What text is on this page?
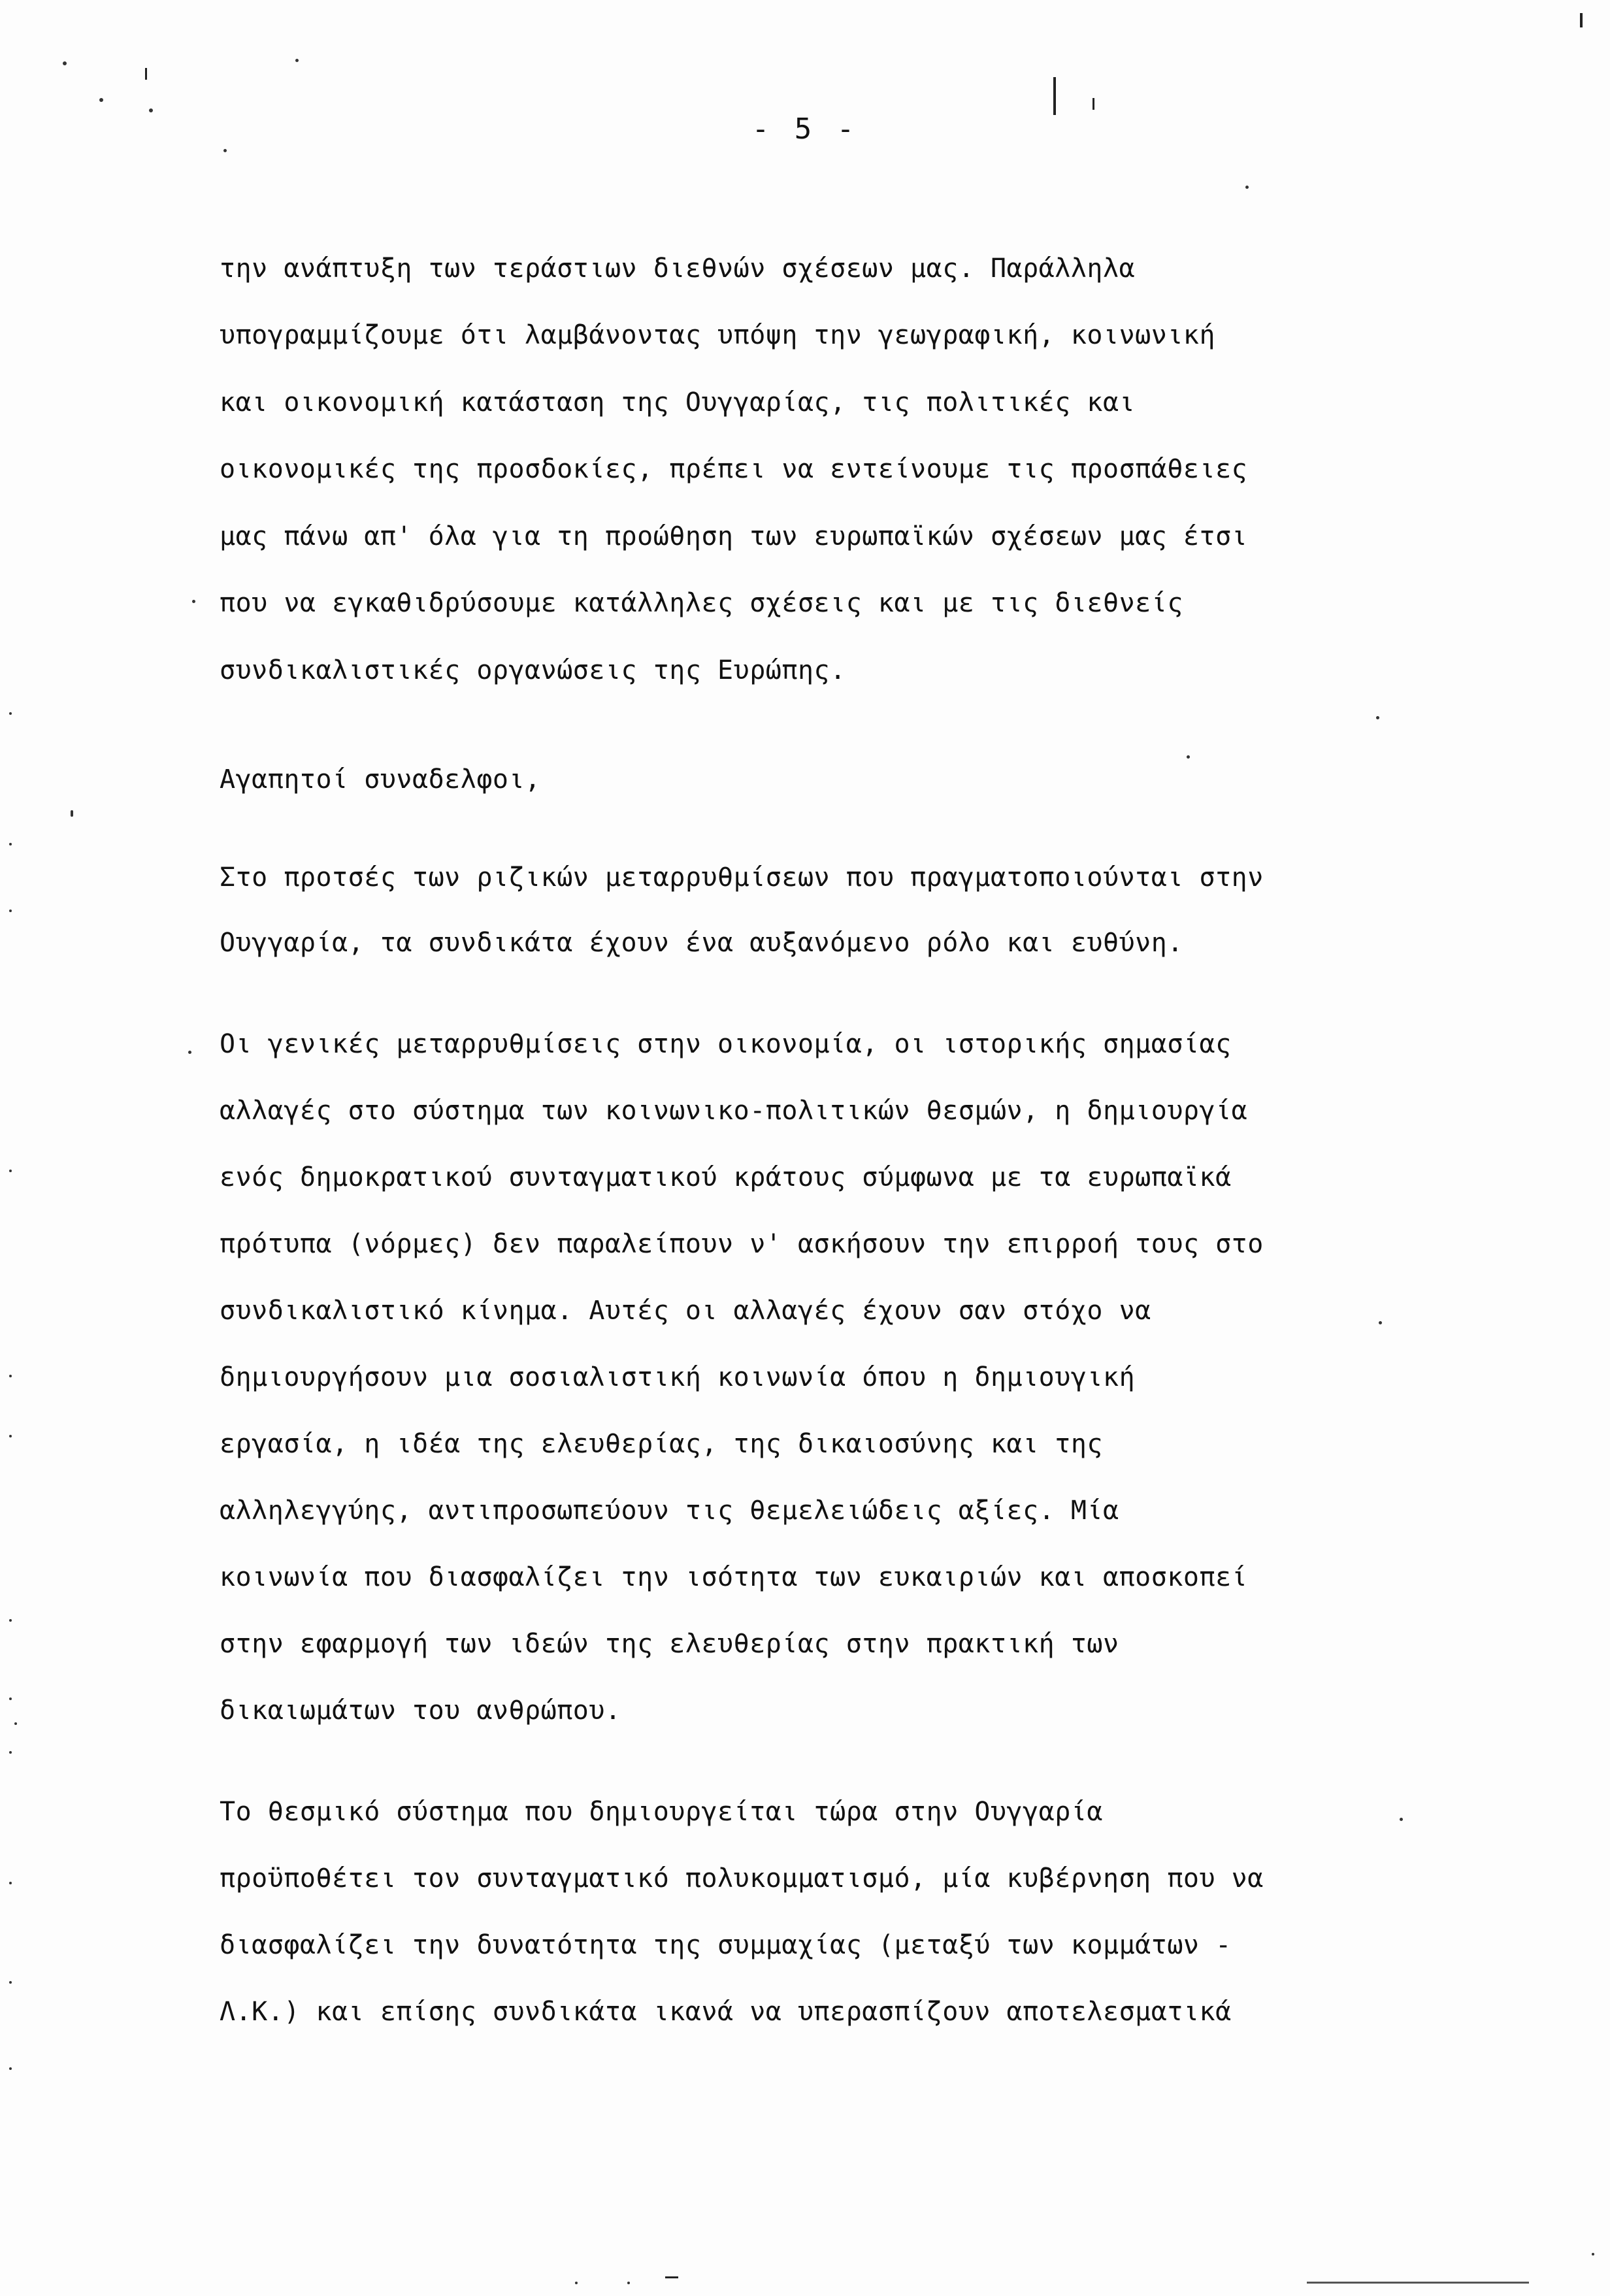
- 5 -
την ανάπτυξη των τεράστιων διεθνών σχέσεων μας. Παράλληλα
υπογραμμίζουμε ότι λαμβάνοντας υπόψη την γεωγραφική, κοινωνική
και οικονομική κατάσταση της Ουγγαρίας, τις πολιτικές και
οικονομικές της προσδοκίες, πρέπει να εντείνουμε τις προσπάθειες
μας πάνω απ' όλα για τη προώθηση των ευρωπαϊκών σχέσεων μας έτσι
που να εγκαθιδρύσουμε κατάλληλες σχέσεις και με τις διεθνείς
συνδικαλιστικές οργανώσεις της Ευρώπης.
Αγαπητοί συναδελφοι,
Στο προτσές των ριζικών μεταρρυθμίσεων που πραγματοποιούνται στην
Ουγγαρία, τα συνδικάτα έχουν ένα αυξανόμενο ρόλο και ευθύνη.
Οι γενικές μεταρρυθμίσεις στην οικονομία, οι ιστορικής σημασίας
αλλαγές στο σύστημα των κοινωνικο-πολιτικών θεσμών, η δημιουργία
ενός δημοκρατικού συνταγματικού κράτους σύμφωνα με τα ευρωπαϊκά
πρότυπα (νόρμες) δεν παραλείπουν ν' ασκήσουν την επιρροή τους στο
συνδικαλιστικό κίνημα. Αυτές οι αλλαγές έχουν σαν στόχο να
δημιουργήσουν μια σοσιαλιστική κοινωνία όπου η δημιουγική
εργασία, η ιδέα της ελευθερίας, της δικαιοσύνης και της
αλληλεγγύης, αντιπροσωπεύουν τις θεμελειώδεις αξίες. Μία
κοινωνία που διασφαλίζει την ισότητα των ευκαιριών και αποσκοπεί
στην εφαρμογή των ιδεών της ελευθερίας στην πρακτική των
δικαιωμάτων του ανθρώπου.
Το θεσμικό σύστημα που δημιουργείται τώρα στην Ουγγαρία
προϋποθέτει τον συνταγματικό πολυκομματισμό, μία κυβέρνηση που να
διασφαλίζει την δυνατότητα της συμμαχίας (μεταξύ των κομμάτων -
Λ.Κ.) και επίσης συνδικάτα ικανά να υπερασπίζουν αποτελεσματικά
